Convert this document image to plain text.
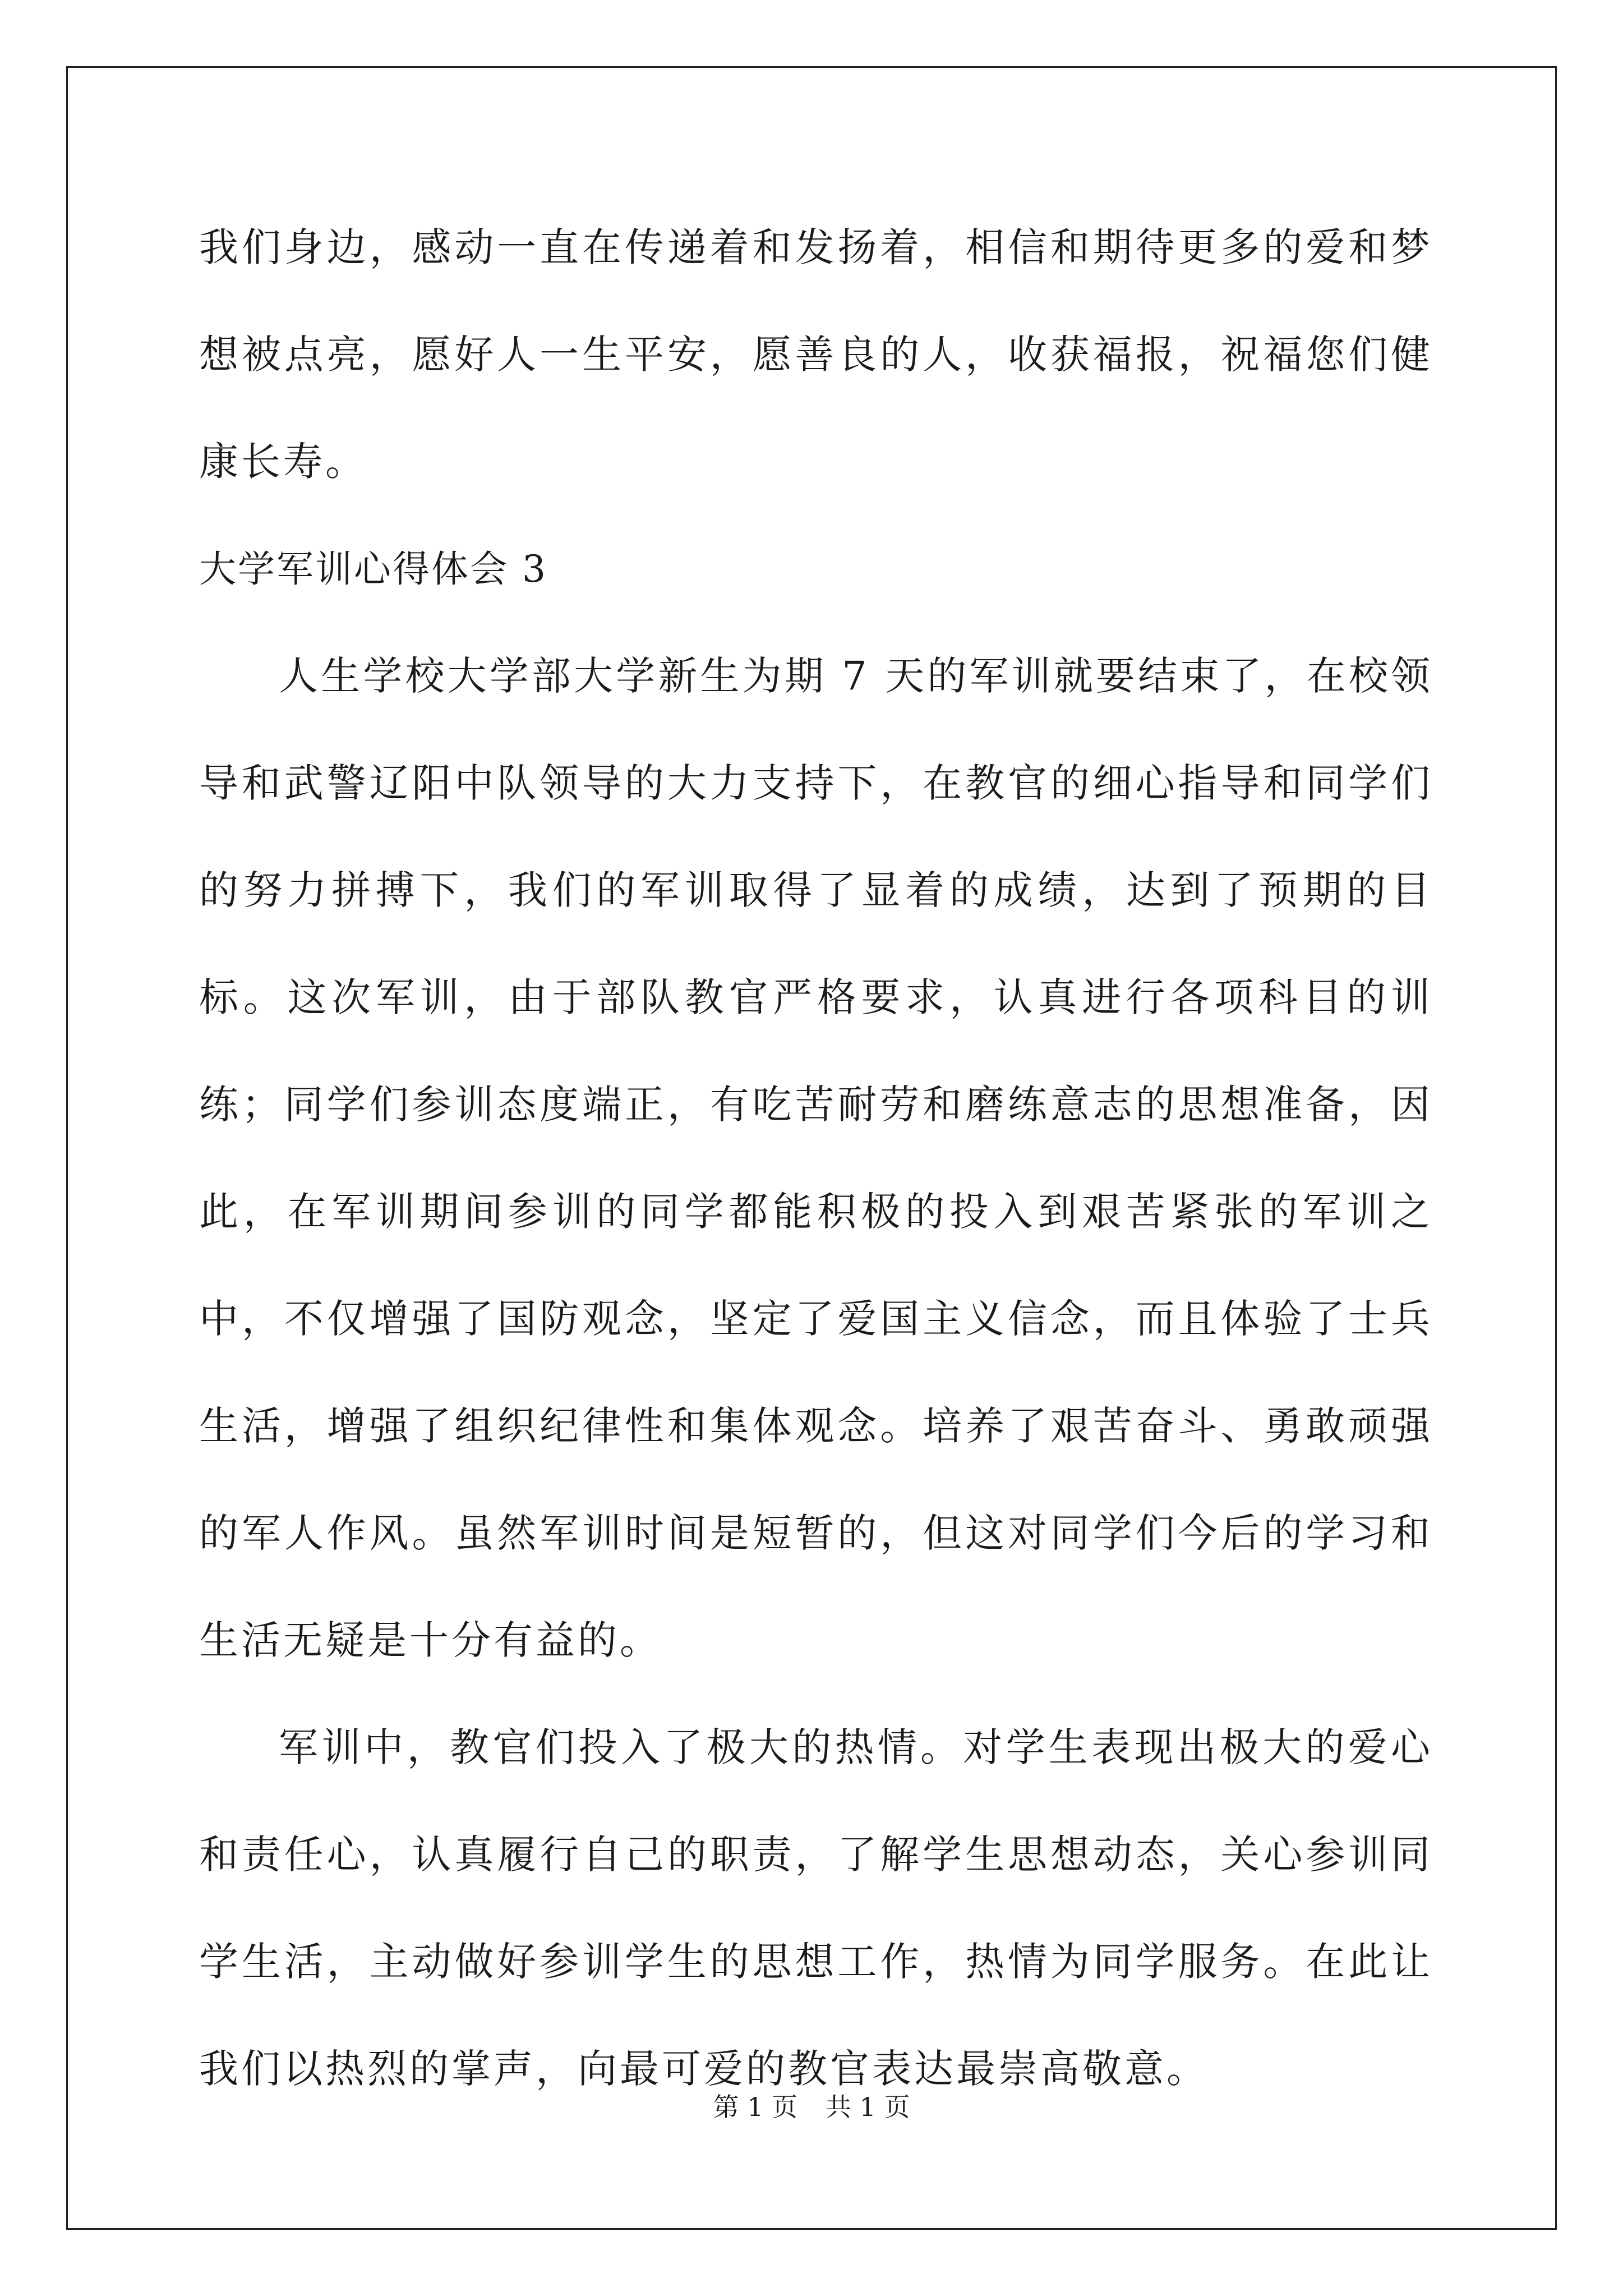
我们身边，感动一直在传递着和发扬着，相信和期待更多的爱和梦想被点亮，愿好人一生平安，愿善良的人，收获福报，祝福您们健康长寿。

大学军训心得体会 3

人生学校大学部大学新生为期 7 天的军训就要结束了，在校领导和武警辽阳中队领导的大力支持下，在教官的细心指导和同学们的努力拼搏下，我们的军训取得了显着的成绩，达到了预期的目标。这次军训，由于部队教官严格要求，认真进行各项科目的训练；同学们参训态度端正，有吃苦耐劳和磨练意志的思想准备，因此，在军训期间参训的同学都能积极的投入到艰苦紧张的军训之中，不仅增强了国防观念，坚定了爱国主义信念，而且体验了士兵生活，增强了组织纪律性和集体观念。培养了艰苦奋斗、勇敢顽强的军人作风。虽然军训时间是短暂的，但这对同学们今后的学习和生活无疑是十分有益的。

军训中，教官们投入了极大的热情。对学生表现出极大的爱心和责任心，认真履行自己的职责，了解学生思想动态，关心参训同学生活，主动做好参训学生的思想工作，热情为同学服务。在此让我们以热烈的掌声，向最可爱的教官表达最崇高敬意。

第 1 页 共 1 页
